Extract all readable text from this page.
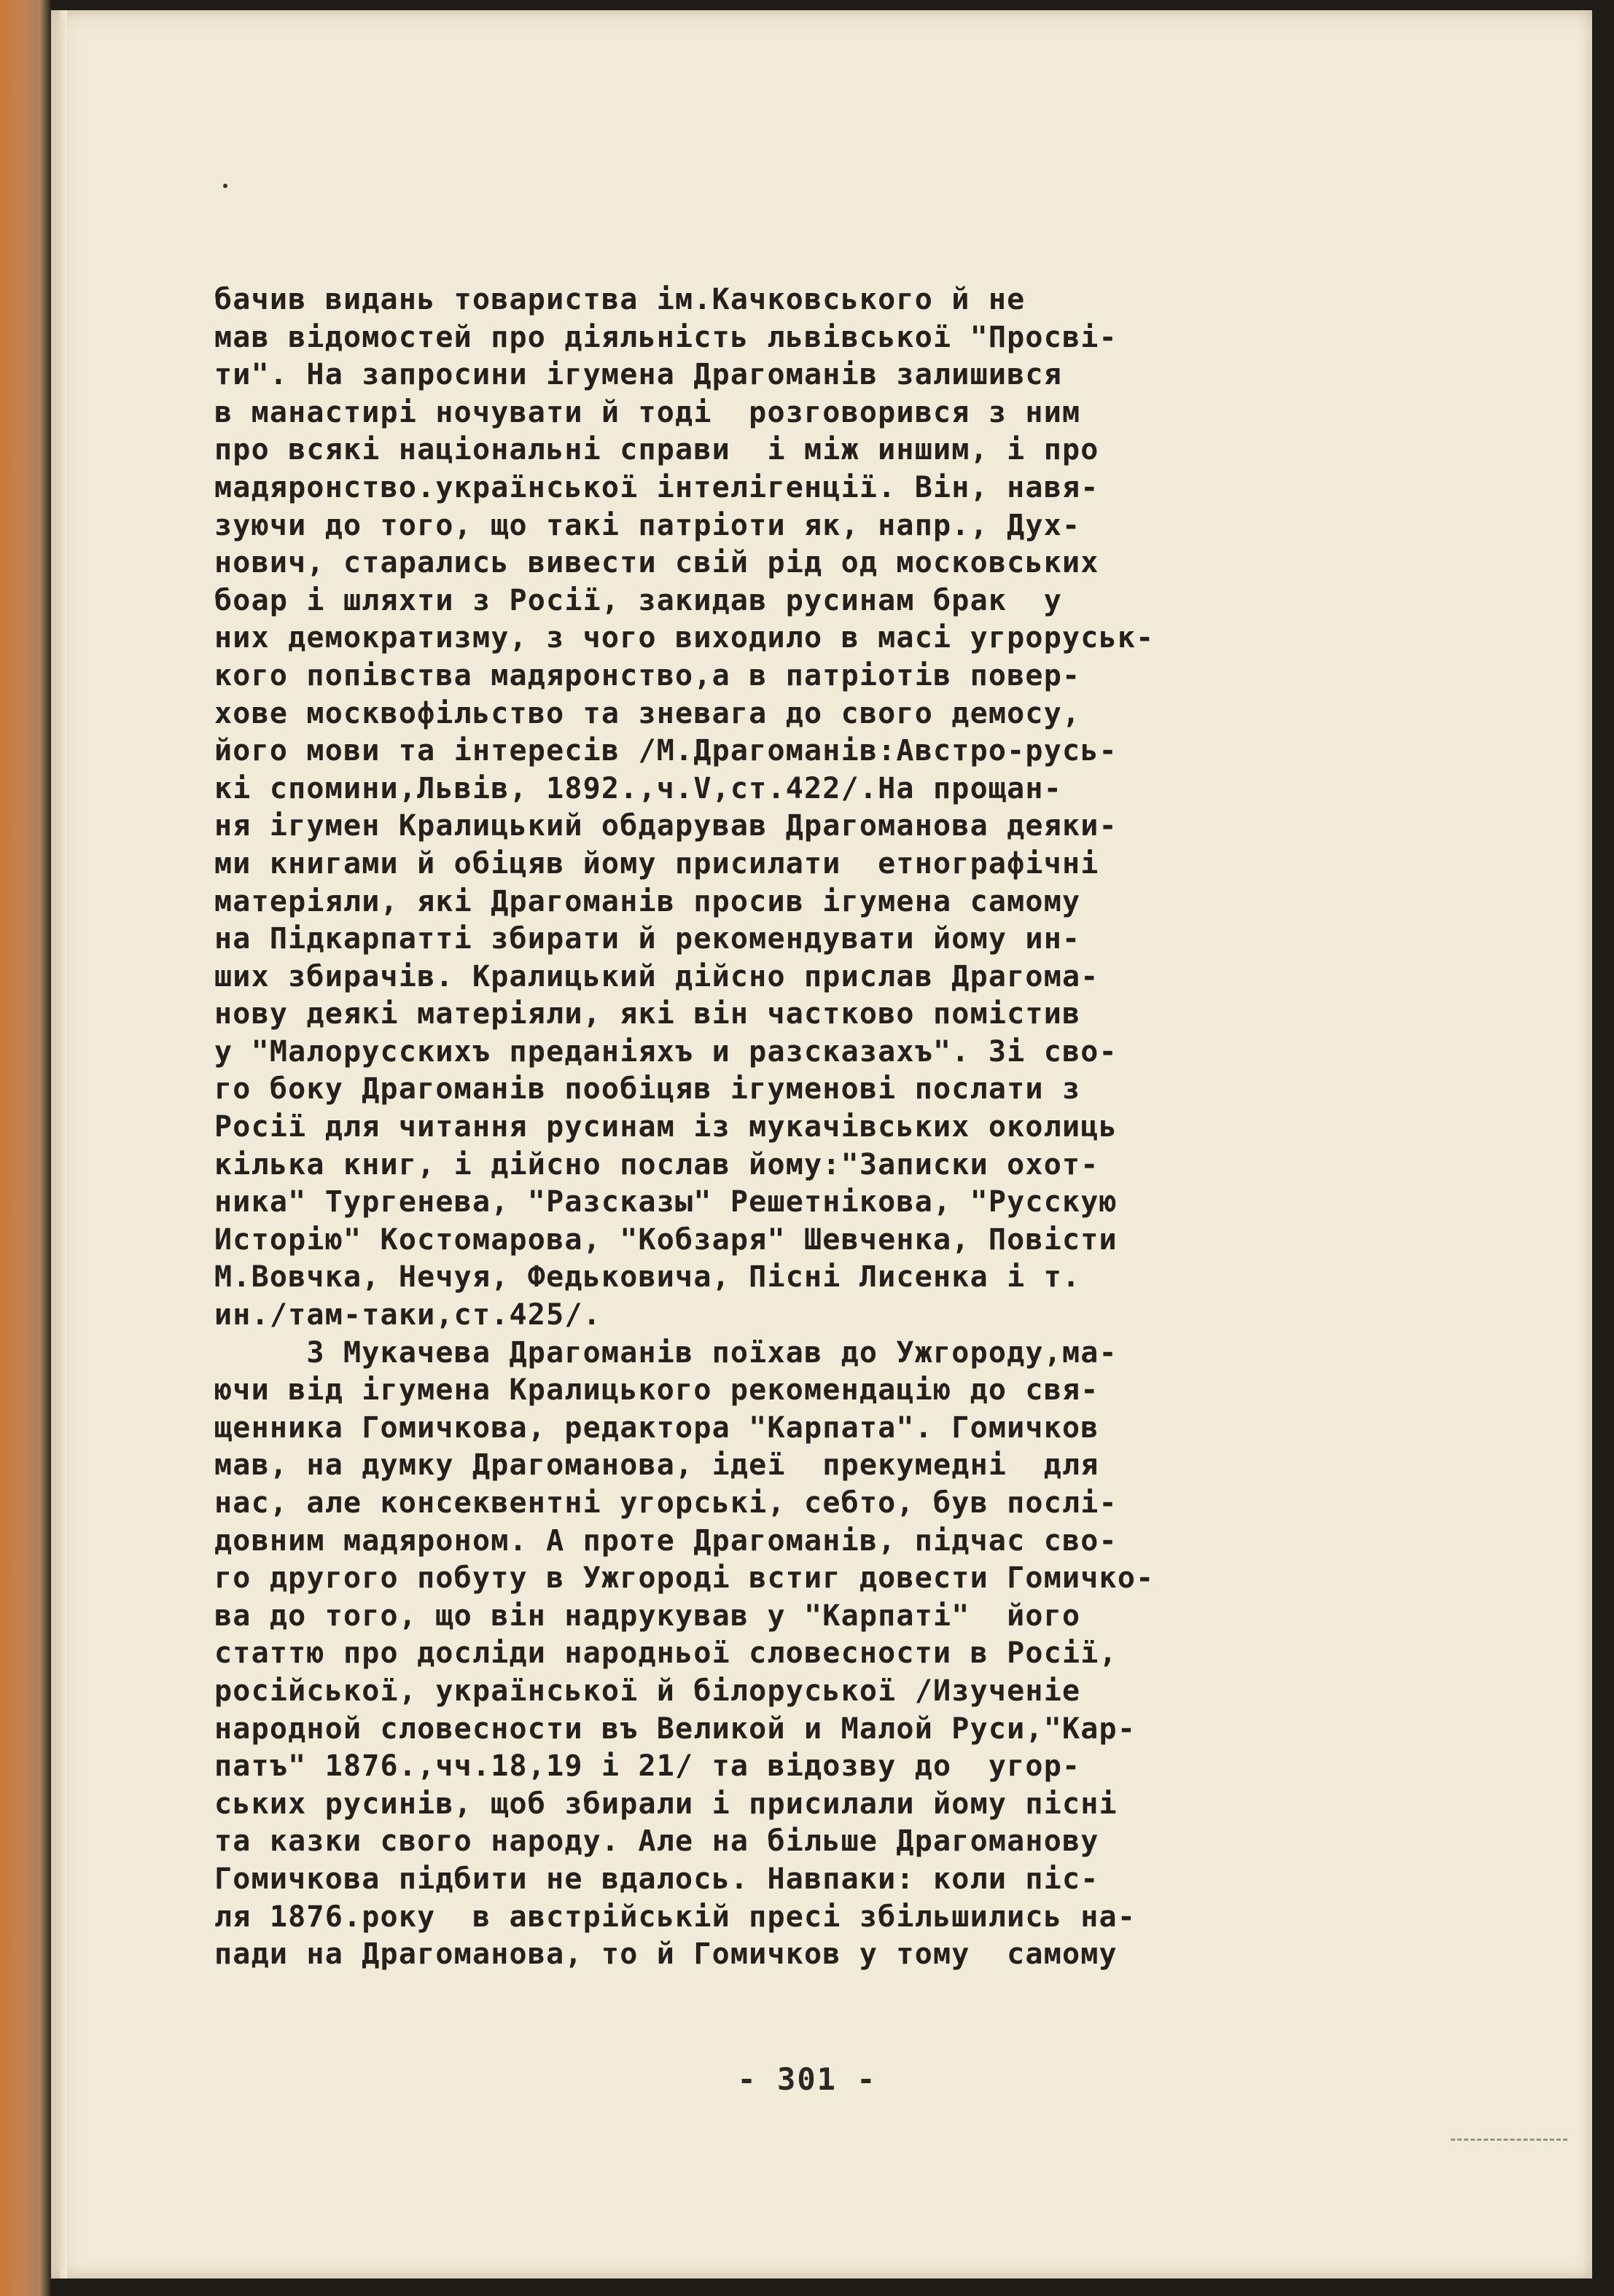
бачив видань товариства ім.Качковського й не
мав відомостей про діяльність львівської "Просві-
ти". На запросини ігумена Драгоманів залишився
в манастирі ночувати й тоді  розговорився з ним
про всякі національні справи  і між иншим, і про
мадяронство.української інтелігенції. Він, навя-
зуючи до того, що такі патріоти як, напр., Дух-
нович, старались вивести свій рід од московських
боар і шляхти з Росії, закидав русинам брак  у
них демократизму, з чого виходило в масі угроруськ-
кого попівства мадяронство,а в патріотів повер-
хове москвофільство та зневага до свого демосу,
його мови та інтересів /М.Драгоманів:Австро-русь-
кі спомини,Львів, 1892.,ч.V,ст.422/.На прощан-
ня ігумен Кралицький обдарував Драгоманова деяки-
ми книгами й обіцяв йому присилати  етнографічні
матеріяли, які Драгоманів просив ігумена самому
на Підкарпатті збирати й рекомендувати йому ин-
ших збирачів. Кралицький дійсно прислав Драгома-
нову деякі матеріяли, які він частково помістив
у "Малорусскихъ преданіяхъ и разсказахъ". Зі сво-
го боку Драгоманів пообіцяв ігуменові послати з
Росії для читання русинам із мукачівських околиць
кілька книг, і дійсно послав йому:"Записки охот-
ника" Тургенева, "Разсказы" Решетнікова, "Русскую
Исторію" Костомарова, "Кобзаря" Шевченка, Повісти
М.Вовчка, Нечуя, Федьковича, Пісні Лисенка і т.
ин./там-таки,ст.425/.
З Мукачева Драгоманів поїхав до Ужгороду,ма-
ючи від ігумена Кралицького рекомендацію до свя-
щенника Гомичкова, редактора "Карпата". Гомичков
мав, на думку Драгоманова, ідеї  прекумедні  для
нас, але консеквентні угорські, себто, був послі-
довним мадяроном. А проте Драгоманів, підчас сво-
го другого побуту в Ужгороді встиг довести Гомичко-
ва до того, що він надрукував у "Карпаті"  його
статтю про досліди народньої словесности в Росії,
російської, української й білоруської /Изученіе
народной словесности въ Великой и Малой Руси,"Кар-
патъ" 1876.,чч.18,19 і 21/ та відозву до  угор-
ських русинів, щоб збирали і присилали йому пісні
та казки свого народу. Але на більше Драгоманову
Гомичкова підбити не вдалось. Навпаки: коли піс-
ля 1876.року  в австрійській пресі збільшились на-
пади на Драгоманова, то й Гомичков у тому  самому
- 301 -
